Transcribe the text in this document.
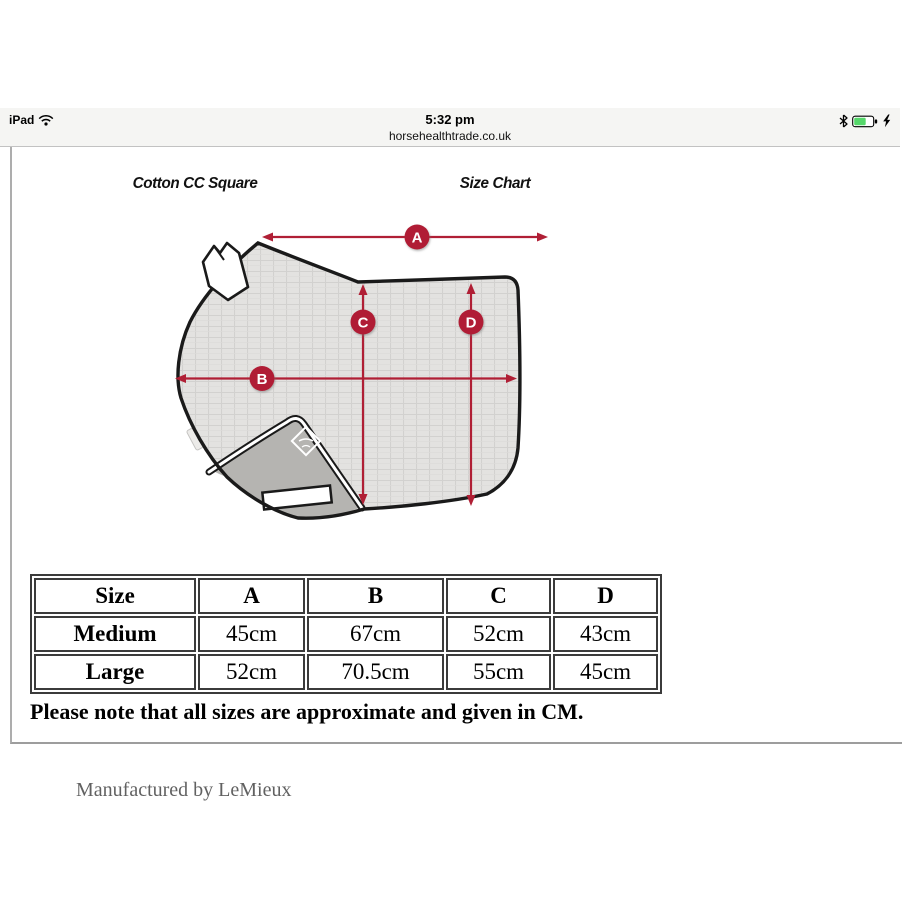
iPad	5:32 pm
horsehealthtrade.co.uk
Cotton CC Square	Size Chart
A
B
C	D
Size	A	B	C	D
Medium	45cm	67cm	52cm	43cm
Large	52cm	70.5cm	55cm	45cm
Please note that all sizes are approximate and given in CM.
Manufactured by LeMieux
